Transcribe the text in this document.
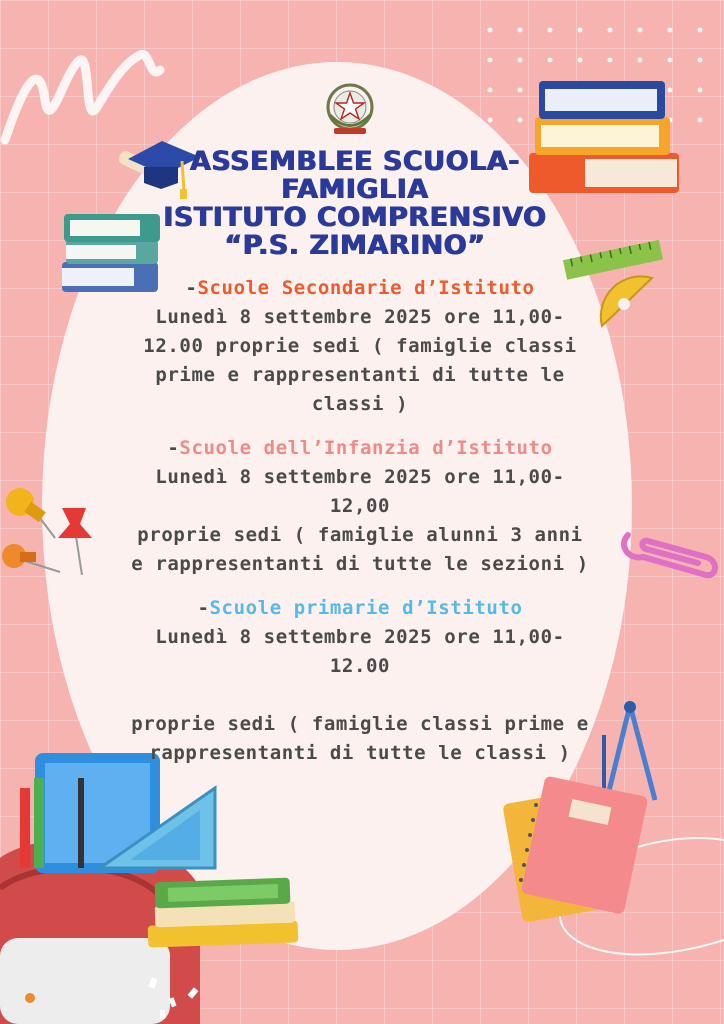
ASSEMBLEE SCUOLA-
FAMIGLIA
ISTITUTO COMPRENSIVO
“P.S. ZIMARINO”
-Scuole Secondarie d’Istituto
Lunedì 8 settembre 2025 ore 11,00-
12.00 proprie sedi ( famiglie classi
prime e rappresentanti di tutte le
classi )
-Scuole dell’Infanzia d’Istituto
Lunedì 8 settembre 2025 ore 11,00-
12,00
proprie sedi ( famiglie alunni 3 anni
e rappresentanti di tutte le sezioni )
-Scuole primarie d’Istituto
Lunedì 8 settembre 2025 ore 11,00-
12.00
proprie sedi ( famiglie classi prime e
rappresentanti di tutte le classi )
